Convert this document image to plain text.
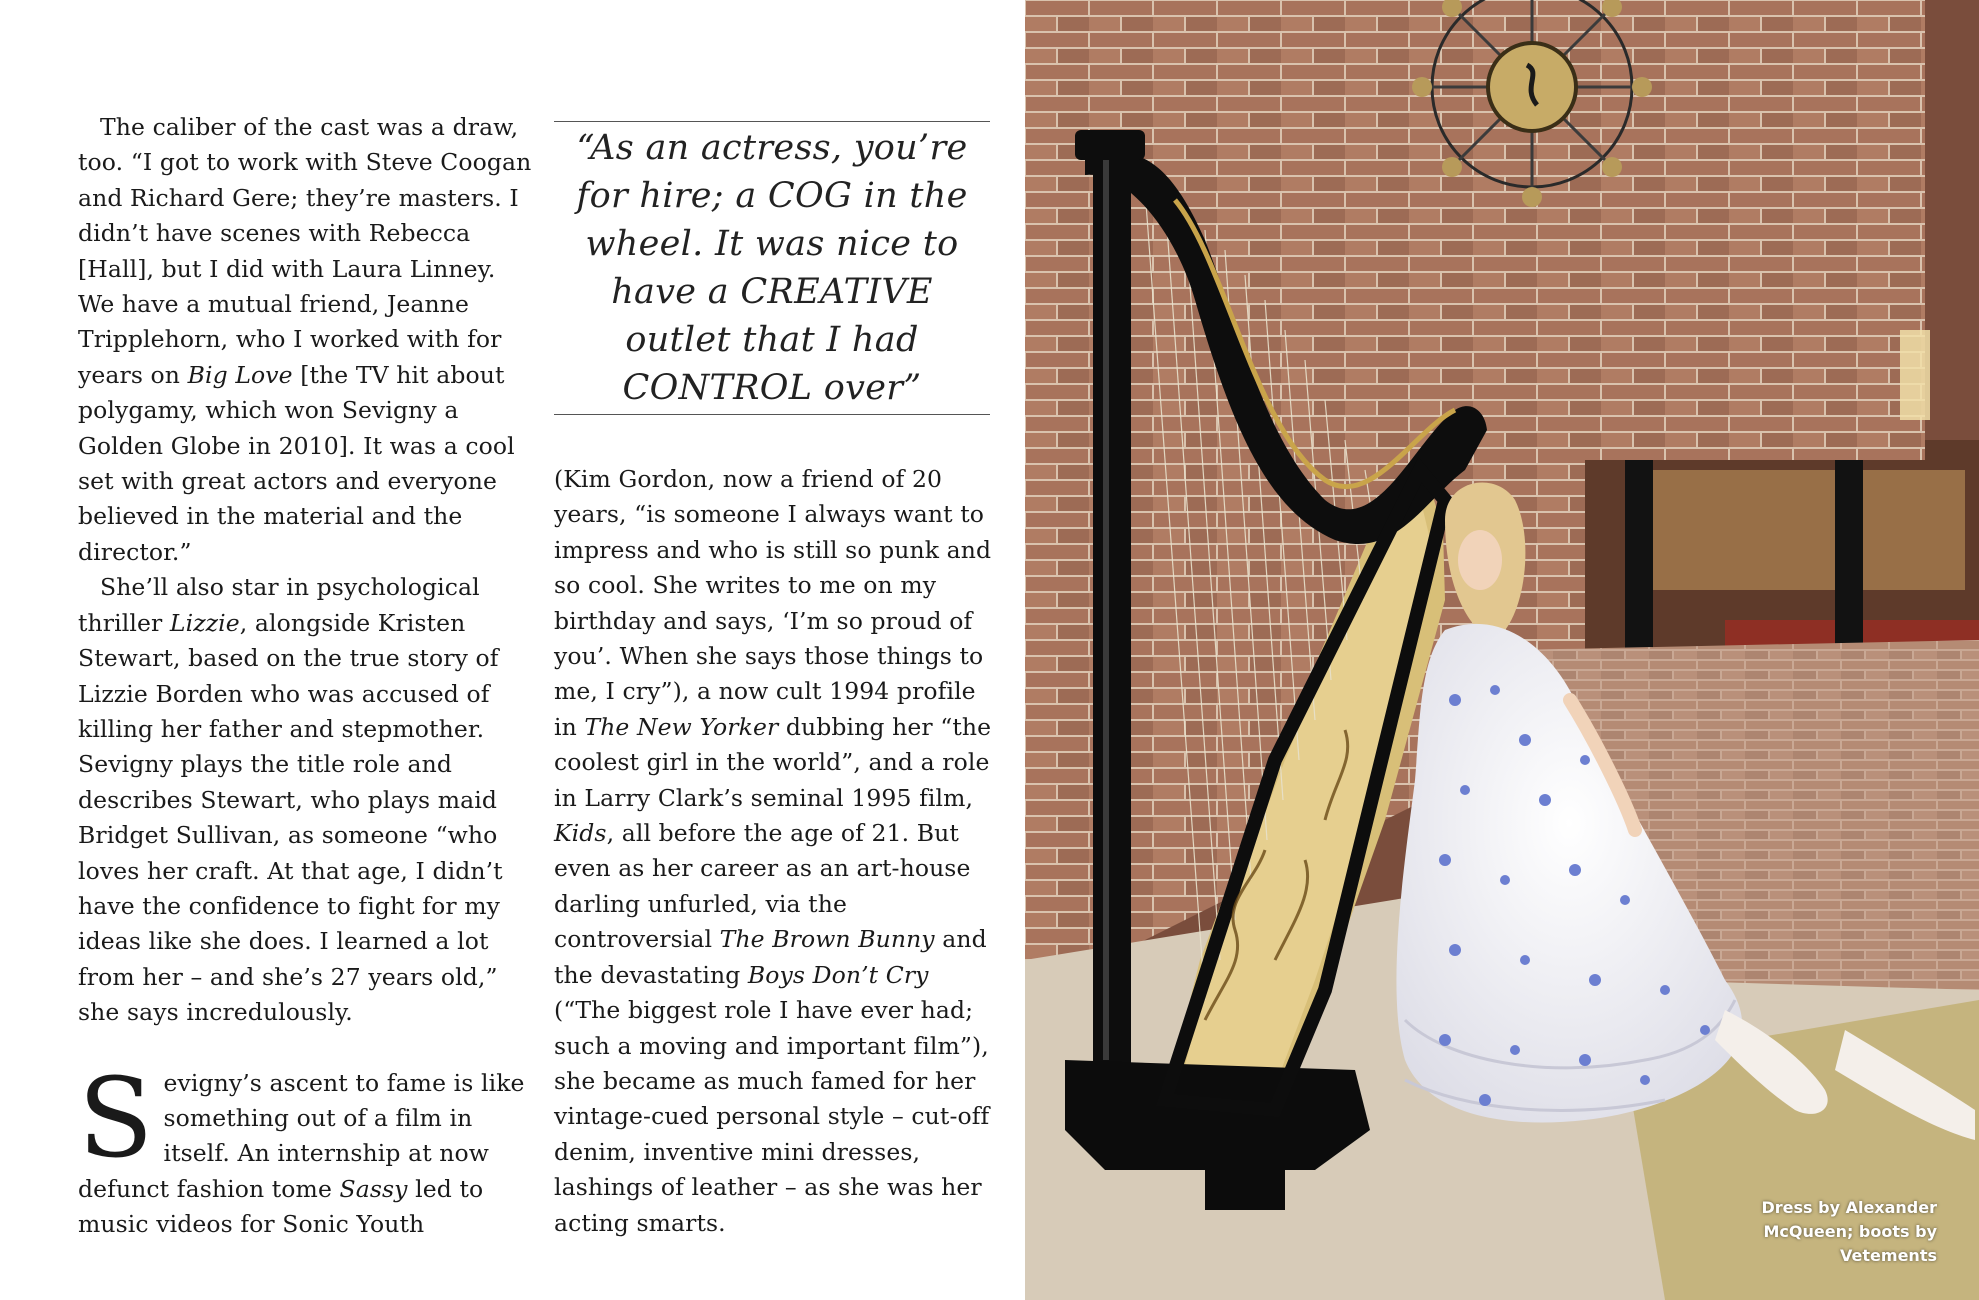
The caliber of the cast was a draw, too. “I got to work with Steve Coogan and Richard Gere; they’re masters. I didn’t have scenes with Rebecca [Hall], but I did with Laura Linney. We have a mutual friend, Jeanne Tripplehorn, who I worked with for years on Big Love [the TV hit about polygamy, which won Sevigny a Golden Globe in 2010]. It was a cool set with great actors and everyone believed in the material and the director.”

She’ll also star in psychological thriller Lizzie, alongside Kristen Stewart, based on the true story of Lizzie Borden who was accused of killing her father and stepmother. Sevigny plays the title role and describes Stewart, who plays maid Bridget Sullivan, as someone “who loves her craft. At that age, I didn’t have the confidence to fight for my ideas like she does. I learned a lot from her – and she’s 27 years old,” she says incredulously.

Sevigny’s ascent to fame is like something out of a film in itself. An internship at now defunct fashion tome Sassy led to music videos for Sonic Youth

“As an actress, you’re for hire; a COG in the wheel. It was nice to have a CREATIVE outlet that I had CONTROL over”

(Kim Gordon, now a friend of 20 years, “is someone I always want to impress and who is still so punk and so cool. She writes to me on my birthday and says, ‘I’m so proud of you’. When she says those things to me, I cry”), a now cult 1994 profile in The New Yorker dubbing her “the coolest girl in the world”, and a role in Larry Clark’s seminal 1995 film, Kids, all before the age of 21. But even as her career as an art-house darling unfurled, via the controversial The Brown Bunny and the devastating Boys Don’t Cry (“The biggest role I have ever had; such a moving and important film”), she became as much famed for her vintage-cued personal style – cut-off denim, inventive mini dresses, lashings of leather – as she was her acting smarts.

Dress by Alexander
McQueen; boots by
Vetements
